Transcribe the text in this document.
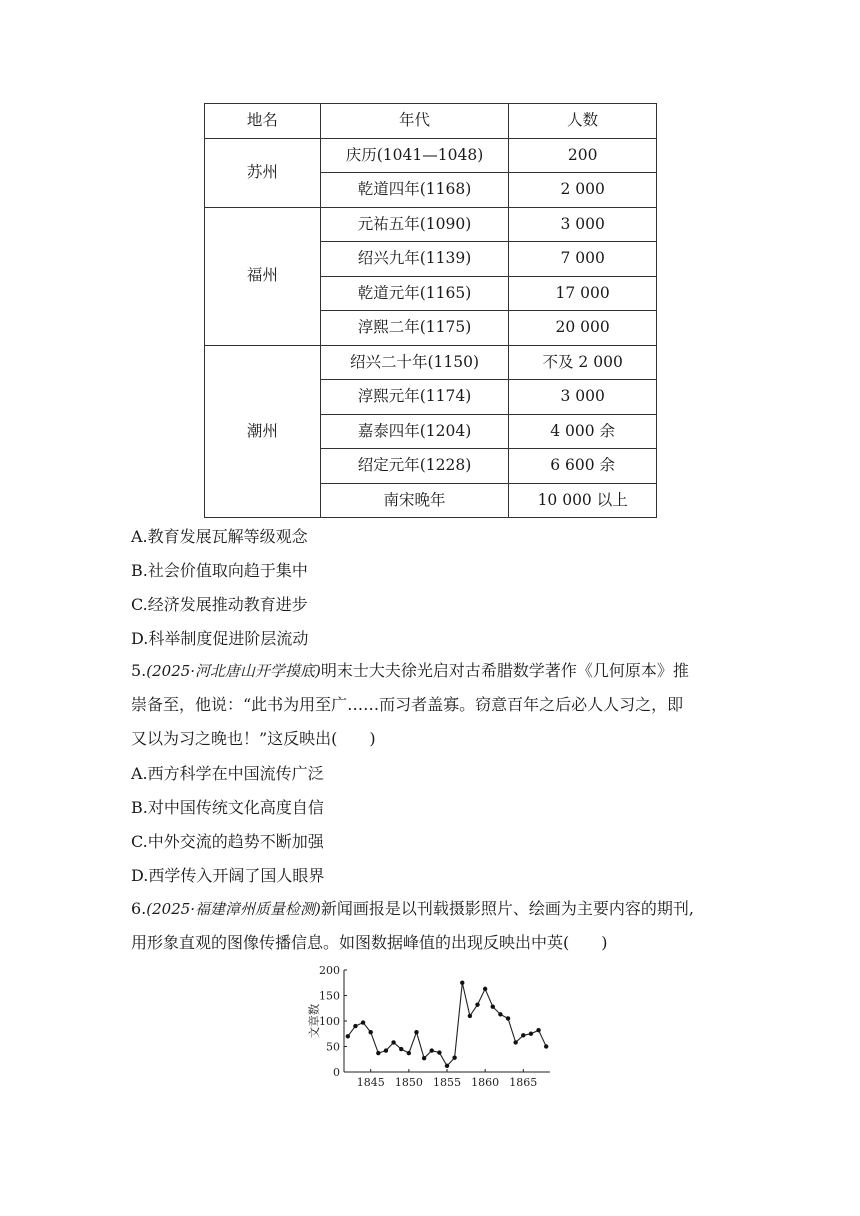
地名	年代	人数
苏州	庆历(1041—1048)	200
	乾道四年(1168)	2 000
福州	元祐五年(1090)	3 000
	绍兴九年(1139)	7 000
	乾道元年(1165)	17 000
	淳熙二年(1175)	20 000
潮州	绍兴二十年(1150)	不及 2 000
	淳熙元年(1174)	3 000
	嘉泰四年(1204)	4 000 余
	绍定元年(1228)	6 600 余
	南宋晚年	10 000 以上
A.教育发展瓦解等级观念
B.社会价值取向趋于集中
C.经济发展推动教育进步
D.科举制度促进阶层流动
5.(2025·河北唐山开学摸底)明末士大夫徐光启对古希腊数学著作《几何原本》推
崇备至，他说：“此书为用至广……而习者盖寡。窃意百年之后必人人习之，即
又以为习之晚也！”这反映出(　　)
A.西方科学在中国流传广泛
B.对中国传统文化高度自信
C.中外交流的趋势不断加强
D.西学传入开阔了国人眼界
6.(2025·福建漳州质量检测)新闻画报是以刊载摄影照片、绘画为主要内容的期刊,
用形象直观的图像传播信息。如图数据峰值的出现反映出中英(　　)
0
50
100
150
200
1845 1850 1855 1860 1865
文章数
